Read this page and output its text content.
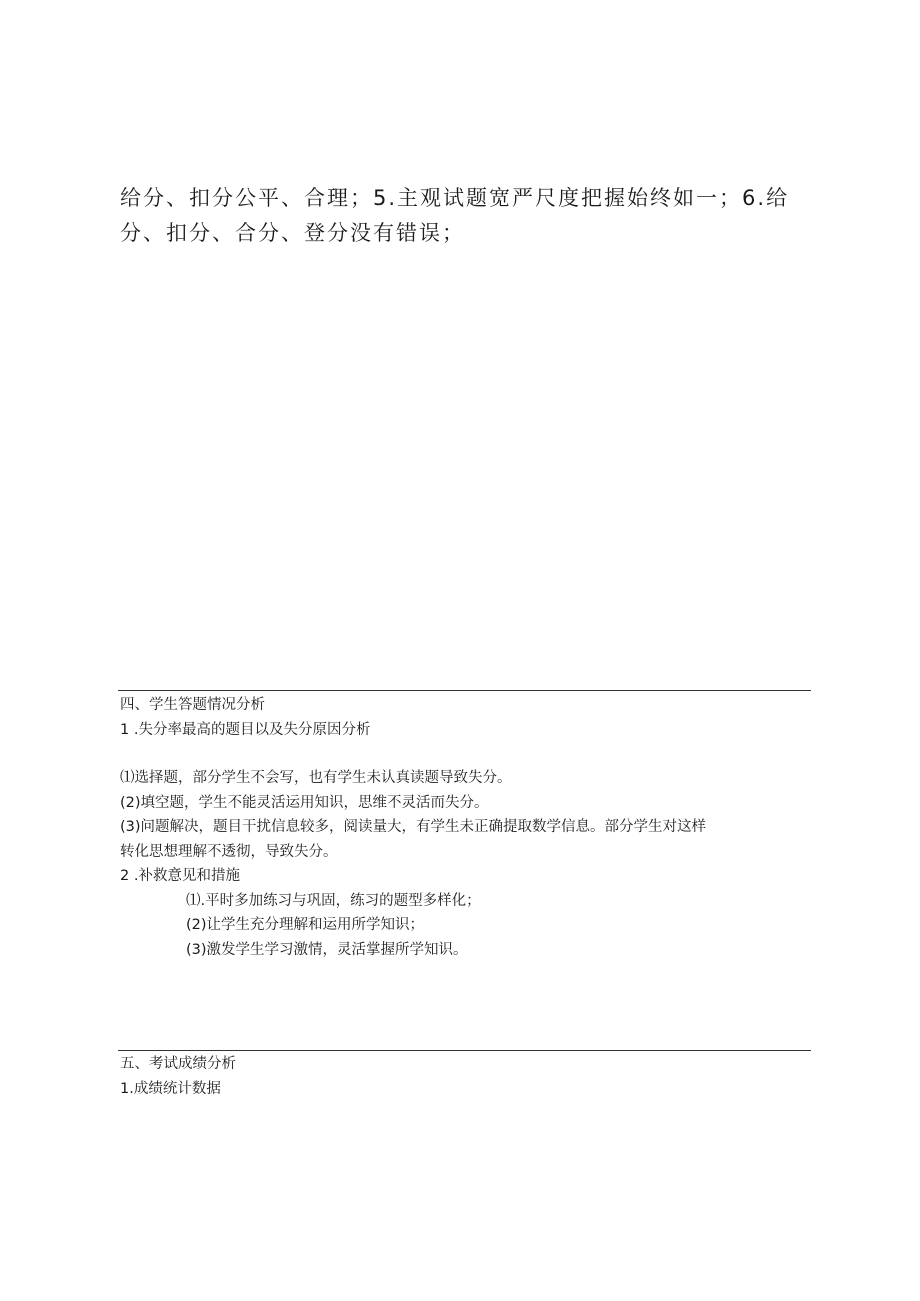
给分、扣分公平、合理；5.主观试题宽严尺度把握始终如一；6.给

分、扣分、合分、登分没有错误；

四、学生答题情况分析

1 .失分率最高的题目以及失分原因分析

⑴选择题，部分学生不会写，也有学生未认真读题导致失分。

(2)填空题，学生不能灵活运用知识，思维不灵活而失分。

(3)问题解决，题目干扰信息较多，阅读量大，有学生未正确提取数学信息。部分学生对这样

转化思想理解不透彻，导致失分。

2 .补救意见和措施

⑴.平时多加练习与巩固，练习的题型多样化；

(2)让学生充分理解和运用所学知识；

(3)激发学生学习激情，灵活掌握所学知识。

五、考试成绩分析

1.成绩统计数据
